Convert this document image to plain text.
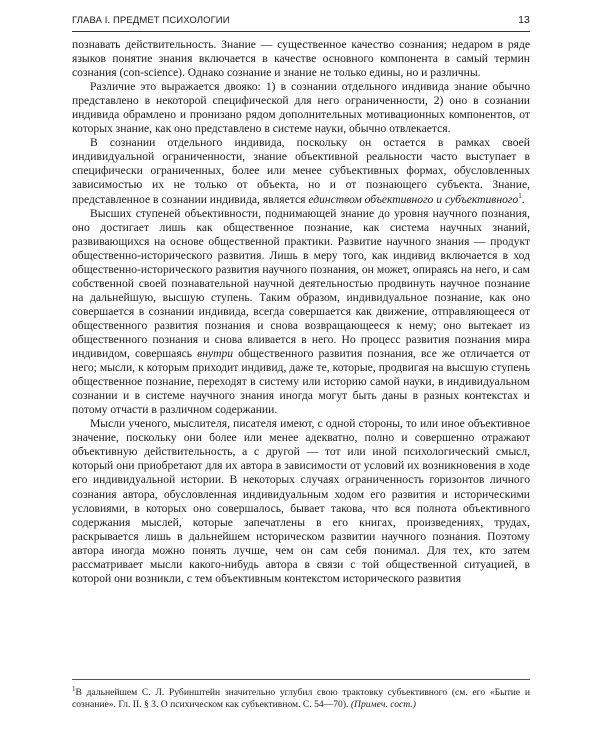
ГЛАВА I. ПРЕДМЕТ ПСИХОЛОГИИ	13

познавать действительность. Знание — существенное качество сознания; недаром в ряде языков понятие знания включается в качестве основного компонента в самый термин сознания (con-science). Однако сознание и знание не только едины, но и различны.

Различие это выражается двояко: 1) в сознании отдельного индивида знание обычно представлено в некоторой специфической для него ограниченности, 2) оно в сознании индивида обрамлено и пронизано рядом дополнительных мотивационных компонентов, от которых знание, как оно представлено в системе науки, обычно отвлекается.

В сознании отдельного индивида, поскольку он остается в рамках своей индивидуальной ограниченности, знание объективной реальности часто выступает в специфически ограниченных, более или менее субъективных формах, обусловленных зависимостью их не только от объекта, но и от познающего субъекта. Знание, представленное в сознании индивида, является единством объективного и субъективного$^1$.

Высших ступеней объективности, поднимающей знание до уровня научного познания, оно достигает лишь как общественное познание, как система научных знаний, развивающихся на основе общественной практики. Развитие научного знания — продукт общественно-исторического развития. Лишь в меру того, как индивид включается в ход общественно-исторического развития научного познания, он может, опираясь на него, и сам собственной своей познавательной научной деятельностью продвинуть научное познание на дальнейшую, высшую ступень. Таким образом, индивидуальное познание, как оно совершается в сознании индивида, всегда совершается как движение, отправляющееся от общественного развития познания и снова возвращающееся к нему; оно вытекает из общественного познания и снова вливается в него. Но процесс развития познания мира индивидом, совершаясь внутри общественного развития познания, все же отличается от него; мысли, к которым приходит индивид, даже те, которые, продвигая на высшую ступень общественное познание, переходят в систему или историю самой науки, в индивидуальном сознании и в системе научного знания иногда могут быть даны в разных контекстах и потому отчасти в различном содержании.

Мысли ученого, мыслителя, писателя имеют, с одной стороны, то или иное объективное значение, поскольку они более или менее адекватно, полно и совершенно отражают объективную действительность, а с другой — тот или иной психологический смысл, который они приобретают для их автора в зависимости от условий их возникновения в ходе его индивидуальной истории. В некоторых случаях ограниченность горизонтов личного сознания автора, обусловленная индивидуальным ходом его развития и историческими условиями, в которых оно совершалось, бывает такова, что вся полнота объективного содержания мыслей, которые запечатлены в его книгах, произведениях, трудах, раскрывается лишь в дальнейшем историческом развитии научного познания. Поэтому автора иногда можно понять лучше, чем он сам себя понимал. Для тех, кто затем рассматривает мысли какого-нибудь автора в связи с той общественной ситуацией, в которой они возникли, с тем объективным контекстом исторического развития

$^1$В дальнейшем С. Л. Рубинштейн значительно углубил свою трактовку субъективного (см. его «Бытие и сознание». Гл. II. § 3. О психическом как субъективном. С. 54—70). (Примеч. сост.)
